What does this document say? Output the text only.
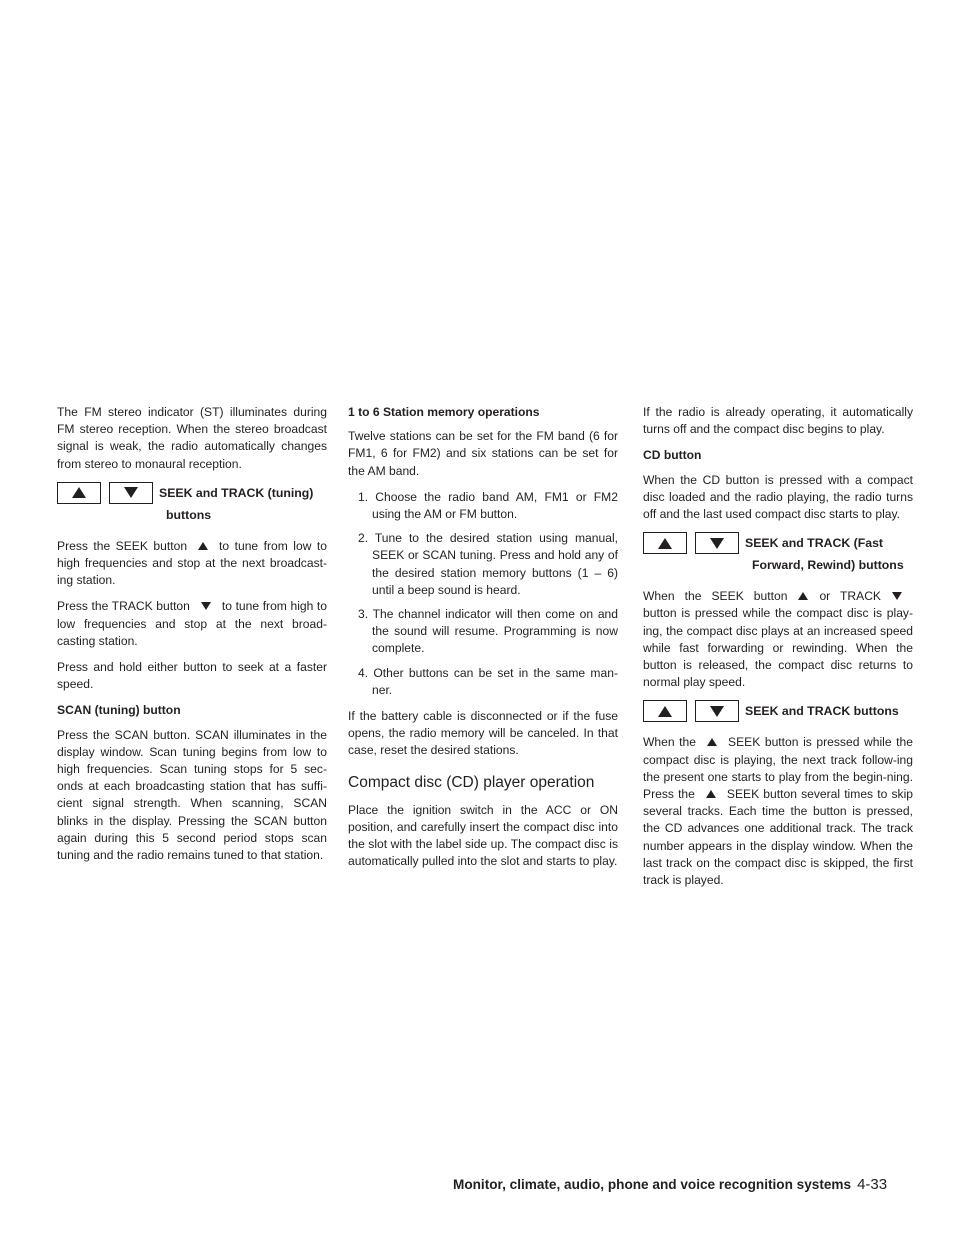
The FM stereo indicator (ST) illuminates during FM stereo reception. When the stereo broadcast signal is weak, the radio automatically changes from stereo to monaural reception.

SEEK and TRACK (tuning)
buttons

Press the SEEK button	to tune from low to high frequencies and stop at the next broadcast-ing station.

Press the TRACK button	to tune from high to low frequencies and stop at the next broad-casting station.

Press and hold either button to seek at a faster speed.

SCAN (tuning) button

Press the SCAN button. SCAN illuminates in the display window. Scan tuning begins from low to high frequencies. Scan tuning stops for 5 sec-onds at each broadcasting station that has suffi-cient signal strength. When scanning, SCAN blinks in the display. Pressing the SCAN button again during this 5 second period stops scan tuning and the radio remains tuned to that station.

1 to 6 Station memory operations

Twelve stations can be set for the FM band (6 for FM1, 6 for FM2) and six stations can be set for the AM band.

1. Choose the radio band AM, FM1 or FM2 using the AM or FM button.
2. Tune to the desired station using manual, SEEK or SCAN tuning. Press and hold any of the desired station memory buttons (1 – 6) until a beep sound is heard.
3. The channel indicator will then come on and the sound will resume. Programming is now complete.
4. Other buttons can be set in the same man-ner.

If the battery cable is disconnected or if the fuse opens, the radio memory will be canceled. In that case, reset the desired stations.

Compact disc (CD) player operation

Place the ignition switch in the ACC or ON position, and carefully insert the compact disc into the slot with the label side up. The compact disc is automatically pulled into the slot and starts to play.

If the radio is already operating, it automatically turns off and the compact disc begins to play.

CD button

When the CD button is pressed with a compact disc loaded and the radio playing, the radio turns off and the last used compact disc starts to play.

SEEK and TRACK (Fast
Forward, Rewind) buttons

When the SEEK button	or TRACKbutton is pressed while the compact disc is play-ing, the compact disc plays at an increased speed while fast forwarding or rewinding. When the button is released, the compact disc returns to normal play speed.

SEEK and TRACK buttons

When the	SEEK button is pressed while the compact disc is playing, the next track follow-ing the present one starts to play from the begin-ning. Press the	SEEK button several times to skip several tracks. Each time the button is pressed, the CD advances one additional track. The track number appears in the display window. When the last track on the compact disc is skipped, the first track is played.

Monitor, climate, audio, phone and voice recognition systems 4-33
